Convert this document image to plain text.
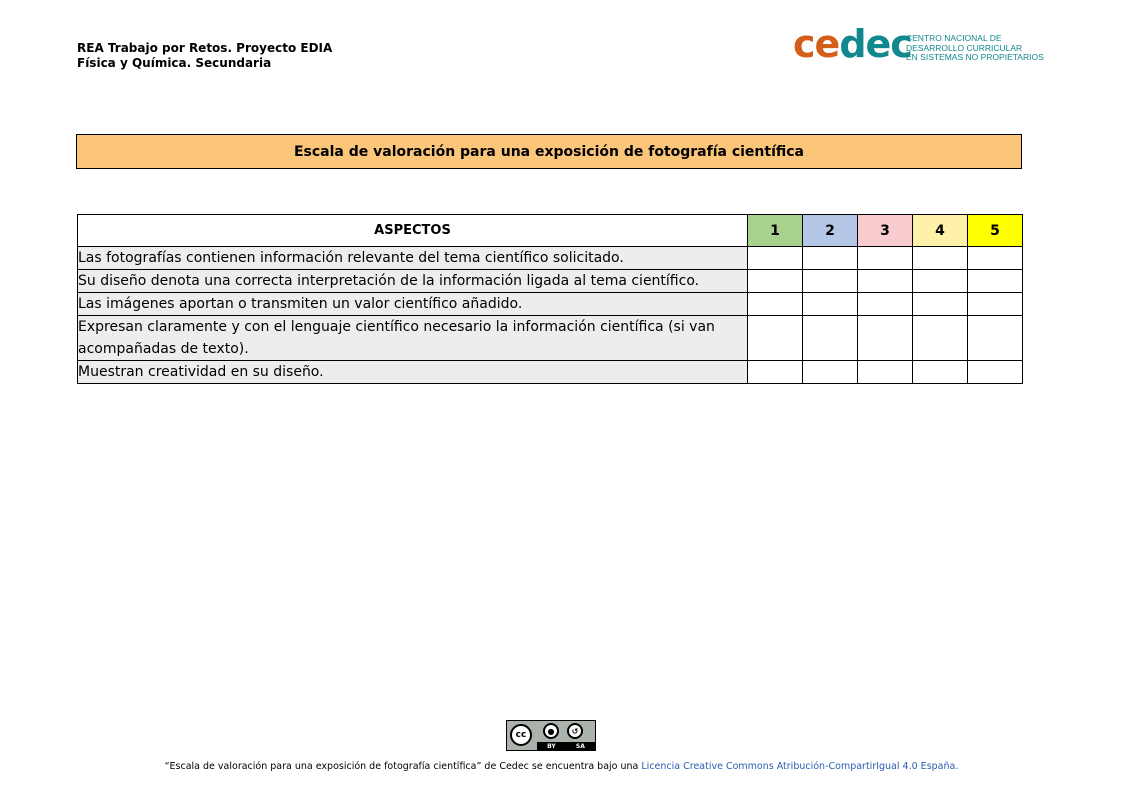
REA Trabajo por Retos. Proyecto EDIA
Física y Química. Secundaria	cedec
CENTRO NACIONAL DE
DESARROLLO CURRICULAR
EN SISTEMAS NO PROPIETARIOS
Escala de valoración para una exposición de fotografía científica
ASPECTOS	1	2	3	4	5
Las fotografías contienen información relevante del tema científico solicitado.					
Su diseño denota una correcta interpretación de la información ligada al tema científico.					
Las imágenes aportan o transmiten un valor científico añadido.					
Expresan claramente y con el lenguaje científico necesario la información científica (si van acompañadas de texto).					
Muestran creatividad en su diseño.					
cc	●	↺
BY	SA
“Escala de valoración para una exposición de fotografía científica” de Cedec se encuentra bajo una Licencia Creative Commons Atribución-CompartirIgual 4.0 España.
